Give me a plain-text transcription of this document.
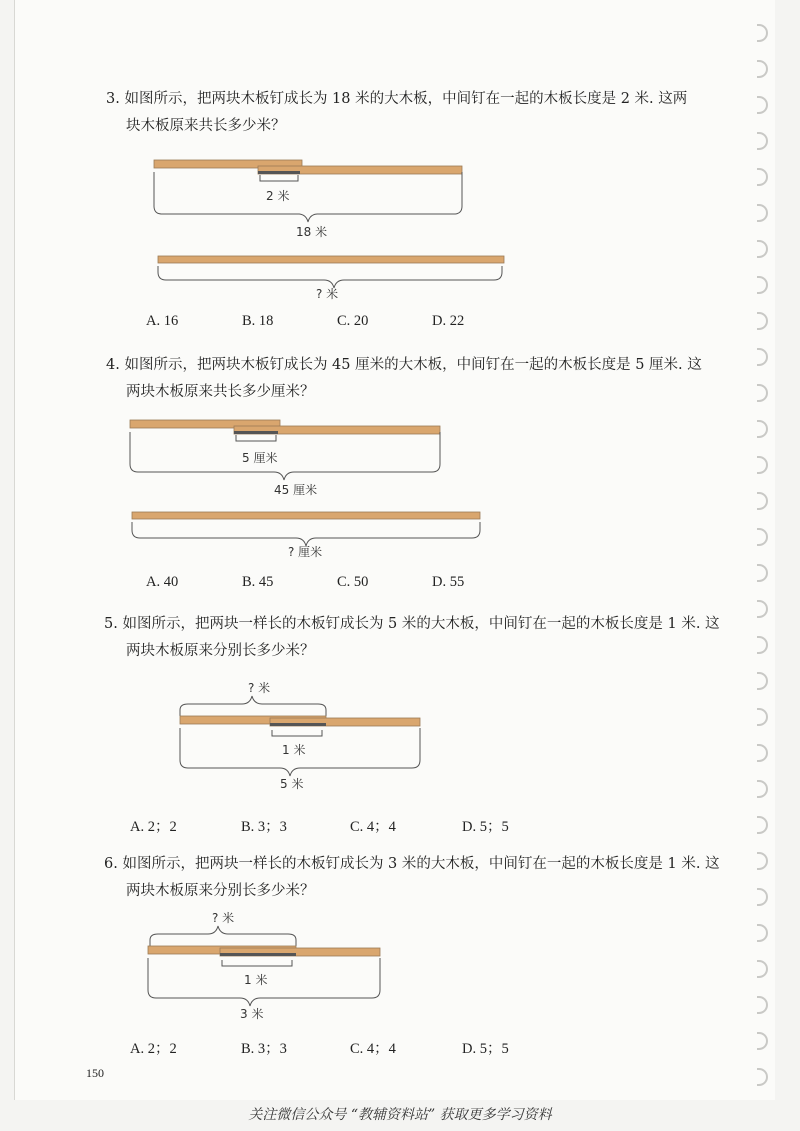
3. 如图所示，把两块木板钉成长为 18 米的大木板，中间钉在一起的木板长度是 2 米. 这两
块木板原来共长多少米？
2 米
18 米
? 米
A. 16	B. 18	C. 20	D. 22
4. 如图所示，把两块木板钉成长为 45 厘米的大木板，中间钉在一起的木板长度是 5 厘米. 这
两块木板原来共长多少厘米？
5 厘米
45 厘米
? 厘米
A. 40	B. 45	C. 50	D. 55
5. 如图所示，把两块一样长的木板钉成长为 5 米的大木板，中间钉在一起的木板长度是 1 米. 这
两块木板原来分别长多少米？
? 米
1 米
5 米
A. 2；2	B. 3；3	C. 4；4	D. 5；5
6. 如图所示，把两块一样长的木板钉成长为 3 米的大木板，中间钉在一起的木板长度是 1 米. 这
两块木板原来分别长多少米？
? 米
1 米
3 米
A. 2；2	B. 3；3	C. 4；4	D. 5；5
150
关注微信公众号 “教辅资料站” 获取更多学习资料
